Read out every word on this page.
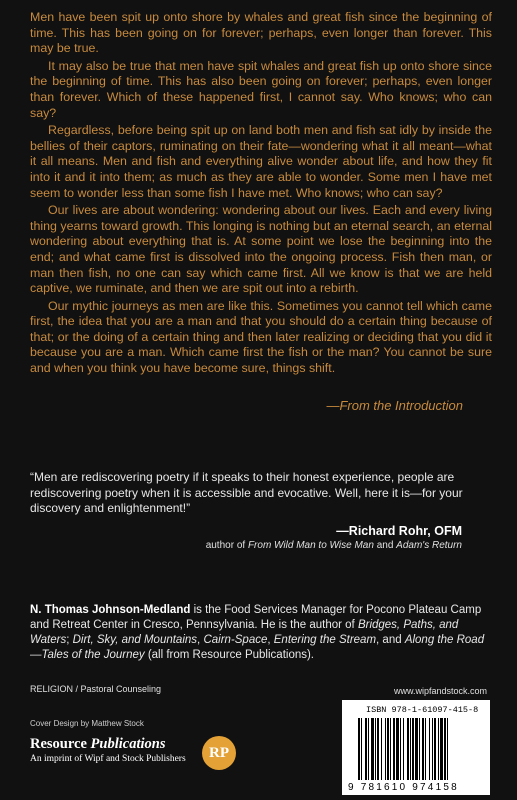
Men have been spit up onto shore by whales and great fish since the beginning of time. This has been going on for forever; perhaps, even longer than forever. This may be true.

It may also be true that men have spit whales and great fish up onto shore since the beginning of time. This has also been going on forever; perhaps, even longer than forever. Which of these happened first, I cannot say. Who knows; who can say?

Regardless, before being spit up on land both men and fish sat idly by inside the bellies of their captors, ruminating on their fate—wondering what it all meant—what it all means. Men and fish and everything alive wonder about life, and how they fit into it and it into them; as much as they are able to wonder. Some men I have met seem to wonder less than some fish I have met. Who knows; who can say?

Our lives are about wondering: wondering about our lives. Each and every living thing yearns toward growth. This longing is nothing but an eternal search, an eternal wondering about everything that is. At some point we lose the beginning into the end; and what came first is dissolved into the ongoing process. Fish then man, or man then fish, no one can say which came first. All we know is that we are held captive, we ruminate, and then we are spit out into a rebirth.

Our mythic journeys as men are like this. Sometimes you cannot tell which came first, the idea that you are a man and that you should do a certain thing because of that; or the doing of a certain thing and then later realizing or deciding that you did it because you are a man. Which came first the fish or the man? You cannot be sure and when you think you have become sure, things shift.

—From the Introduction
“Men are rediscovering poetry if it speaks to their honest experience, people are rediscovering poetry when it is accessible and evocative. Well, here it is—for your discovery and enlightenment!”
—Richard Rohr, OFM
author of From Wild Man to Wise Man and Adam's Return
N. Thomas Johnson-Medland is the Food Services Manager for Pocono Plateau Camp and Retreat Center in Cresco, Pennsylvania. He is the author of Bridges, Paths, and Waters; Dirt, Sky, and Mountains, Cairn-Space, Entering the Stream, and Along the Road—Tales of the Journey (all from Resource Publications).
RELIGION / Pastoral Counseling	www.wipfandstock.com
Cover Design by Matthew Stock
Resource Publications
An imprint of Wipf and Stock Publishers	RP
ISBN 978-1-61097-415-8
9 781610 974158
